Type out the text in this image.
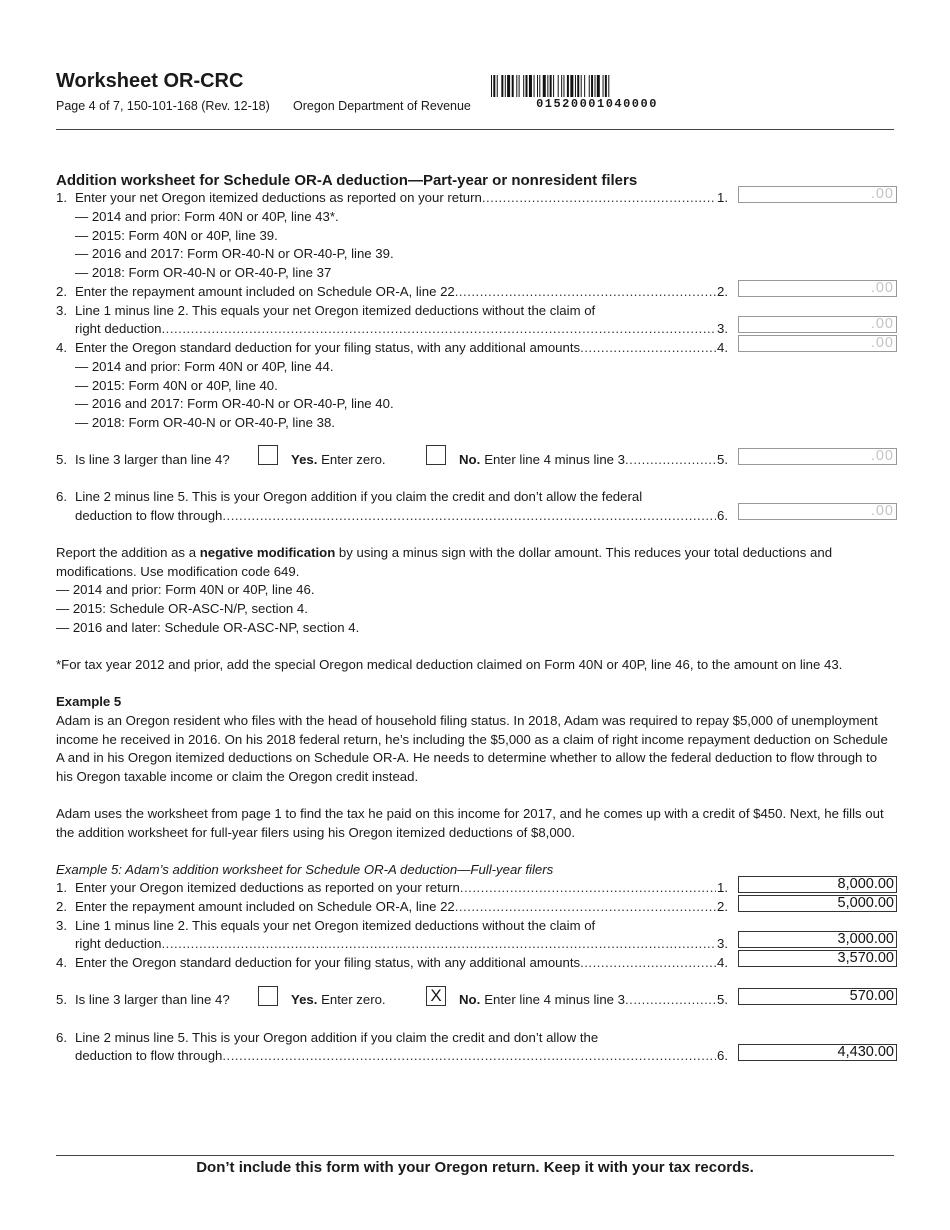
Worksheet OR-CRC
Page 4 of 7, 150-101-168 (Rev. 12-18) Oregon Department of Revenue	01520001040000
Addition worksheet for Schedule OR-A deduction—Part-year or nonresident filers
1. Enter your net Oregon itemized deductions as reported on your return .....	1.	.00
— 2014 and prior: Form 40N or 40P, line 43*.
— 2015: Form 40N or 40P, line 39.
— 2016 and 2017: Form OR-40-N or OR-40-P, line 39.
— 2018: Form OR-40-N or OR-40-P, line 37
2. Enter the repayment amount included on Schedule OR-A, line 22 .....	2.	.00
3. Line 1 minus line 2. This equals your net Oregon itemized deductions without the claim of
right deduction .....	3.	.00
4. Enter the Oregon standard deduction for your filing status, with any additional amounts .....	4.	.00
— 2014 and prior: Form 40N or 40P, line 44.
— 2015: Form 40N or 40P, line 40.
— 2016 and 2017: Form OR-40-N or OR-40-P, line 40.
— 2018: Form OR-40-N or OR-40-P, line 38.
5. Is line 3 larger than line 4?	Yes. Enter zero.	No. Enter line 4 minus line 3 .....	5.	.00
6. Line 2 minus line 5. This is your Oregon addition if you claim the credit and don’t allow the federal
deduction to flow through .....	6.	.00
Report the addition as a negative modification by using a minus sign with the dollar amount. This reduces your total deductions and modifications. Use modification code 649.
— 2014 and prior: Form 40N or 40P, line 46.
— 2015: Schedule OR-ASC-N/P, section 4.
— 2016 and later: Schedule OR-ASC-NP, section 4.
*For tax year 2012 and prior, add the special Oregon medical deduction claimed on Form 40N or 40P, line 46, to the amount on line 43.
Example 5
Adam is an Oregon resident who files with the head of household filing status. In 2018, Adam was required to repay $5,000 of unemployment income he received in 2016. On his 2018 federal return, he’s including the $5,000 as a claim of right income repayment deduction on Schedule A and in his Oregon itemized deductions on Schedule OR-A. He needs to determine whether to allow the federal deduction to flow through to his Oregon taxable income or claim the Oregon credit instead.
Adam uses the worksheet from page 1 to find the tax he paid on this income for 2017, and he comes up with a credit of $450. Next, he fills out the addition worksheet for full-year filers using his Oregon itemized deductions of $8,000.
Example 5: Adam’s addition worksheet for Schedule OR-A deduction—Full-year filers
1. Enter your Oregon itemized deductions as reported on your return .....	1.	8,000.00
2. Enter the repayment amount included on Schedule OR-A, line 22 .....	2.	5,000.00
3. Line 1 minus line 2. This equals your net Oregon itemized deductions without the claim of
right deduction .....	3.	3,000.00
4. Enter the Oregon standard deduction for your filing status, with any additional amounts .....	4.	3,570.00
5. Is line 3 larger than line 4?	Yes. Enter zero.	X	No. Enter line 4 minus line 3 .....	5.	570.00
6. Line 2 minus line 5. This is your Oregon addition if you claim the credit and don’t allow the
deduction to flow through .....	6.	4,430.00
Don’t include this form with your Oregon return. Keep it with your tax records.
